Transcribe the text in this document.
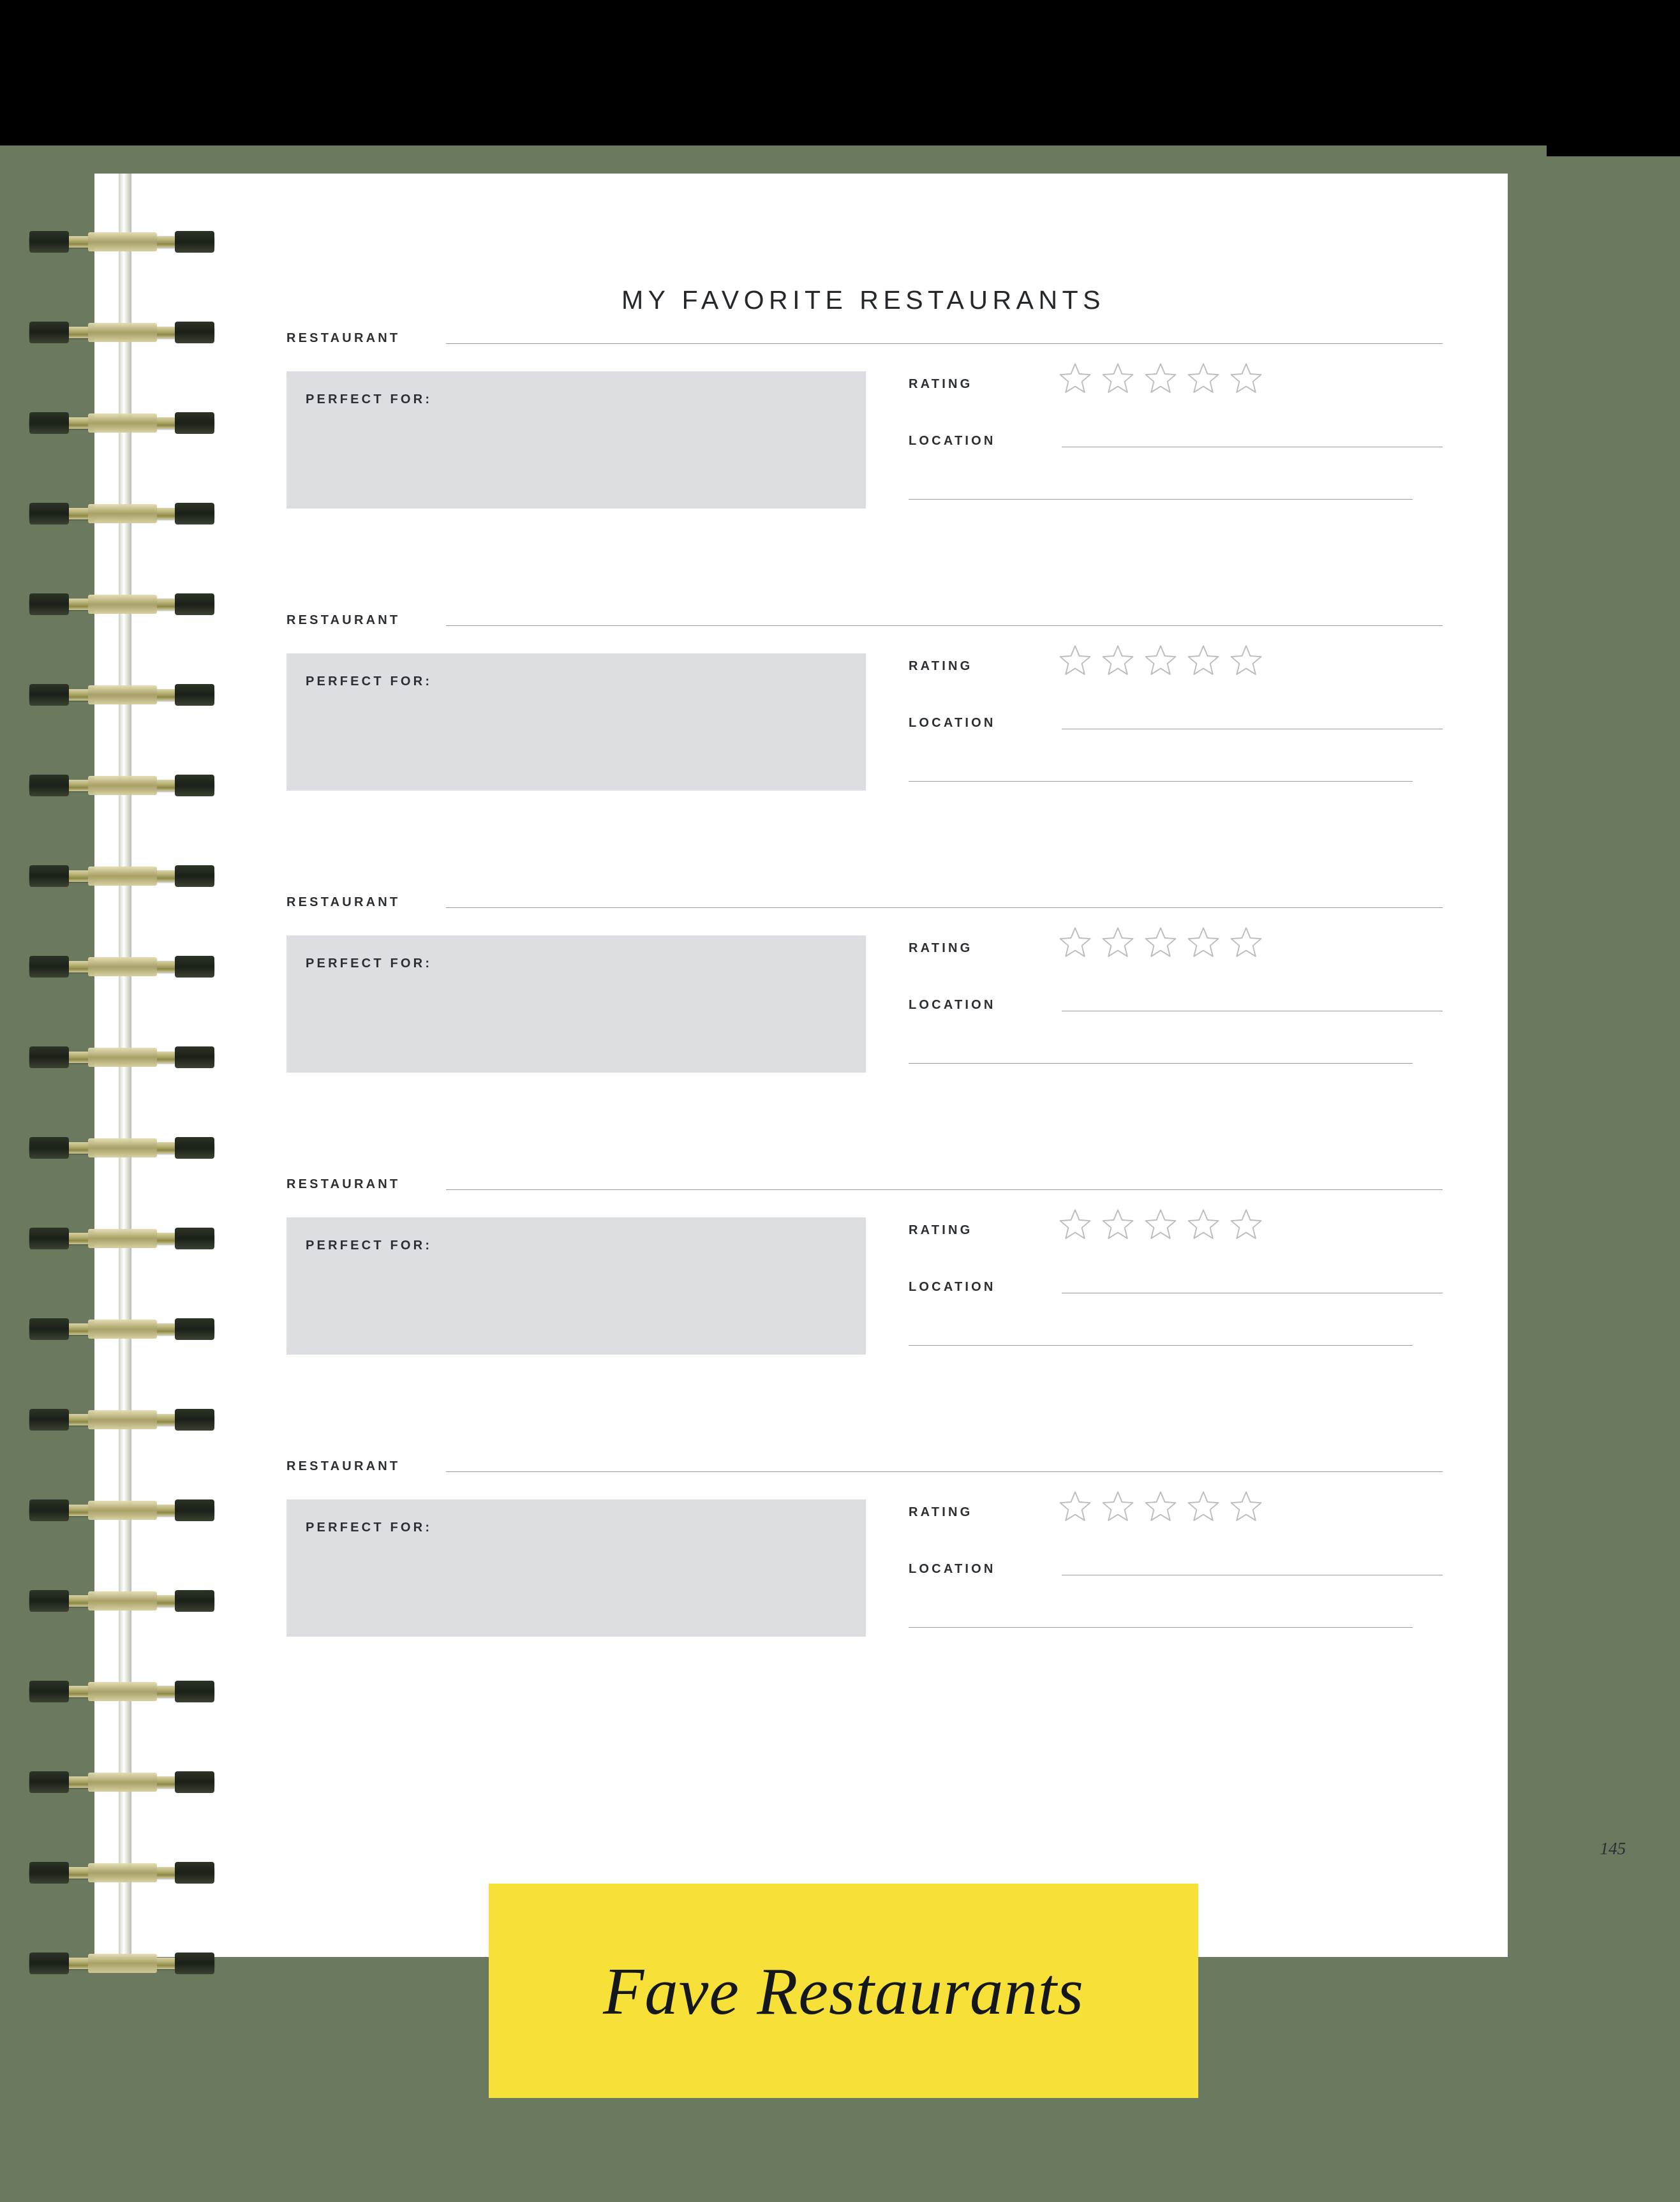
MY FAVORITE RESTAURANTS
RESTAURANT
PERFECT FOR:
RATING
LOCATION
RESTAURANT
PERFECT FOR:
RATING
LOCATION
RESTAURANT
PERFECT FOR:
RATING
LOCATION
RESTAURANT
PERFECT FOR:
RATING
LOCATION
RESTAURANT
PERFECT FOR:
RATING
LOCATION
145
Fave Restaurants
